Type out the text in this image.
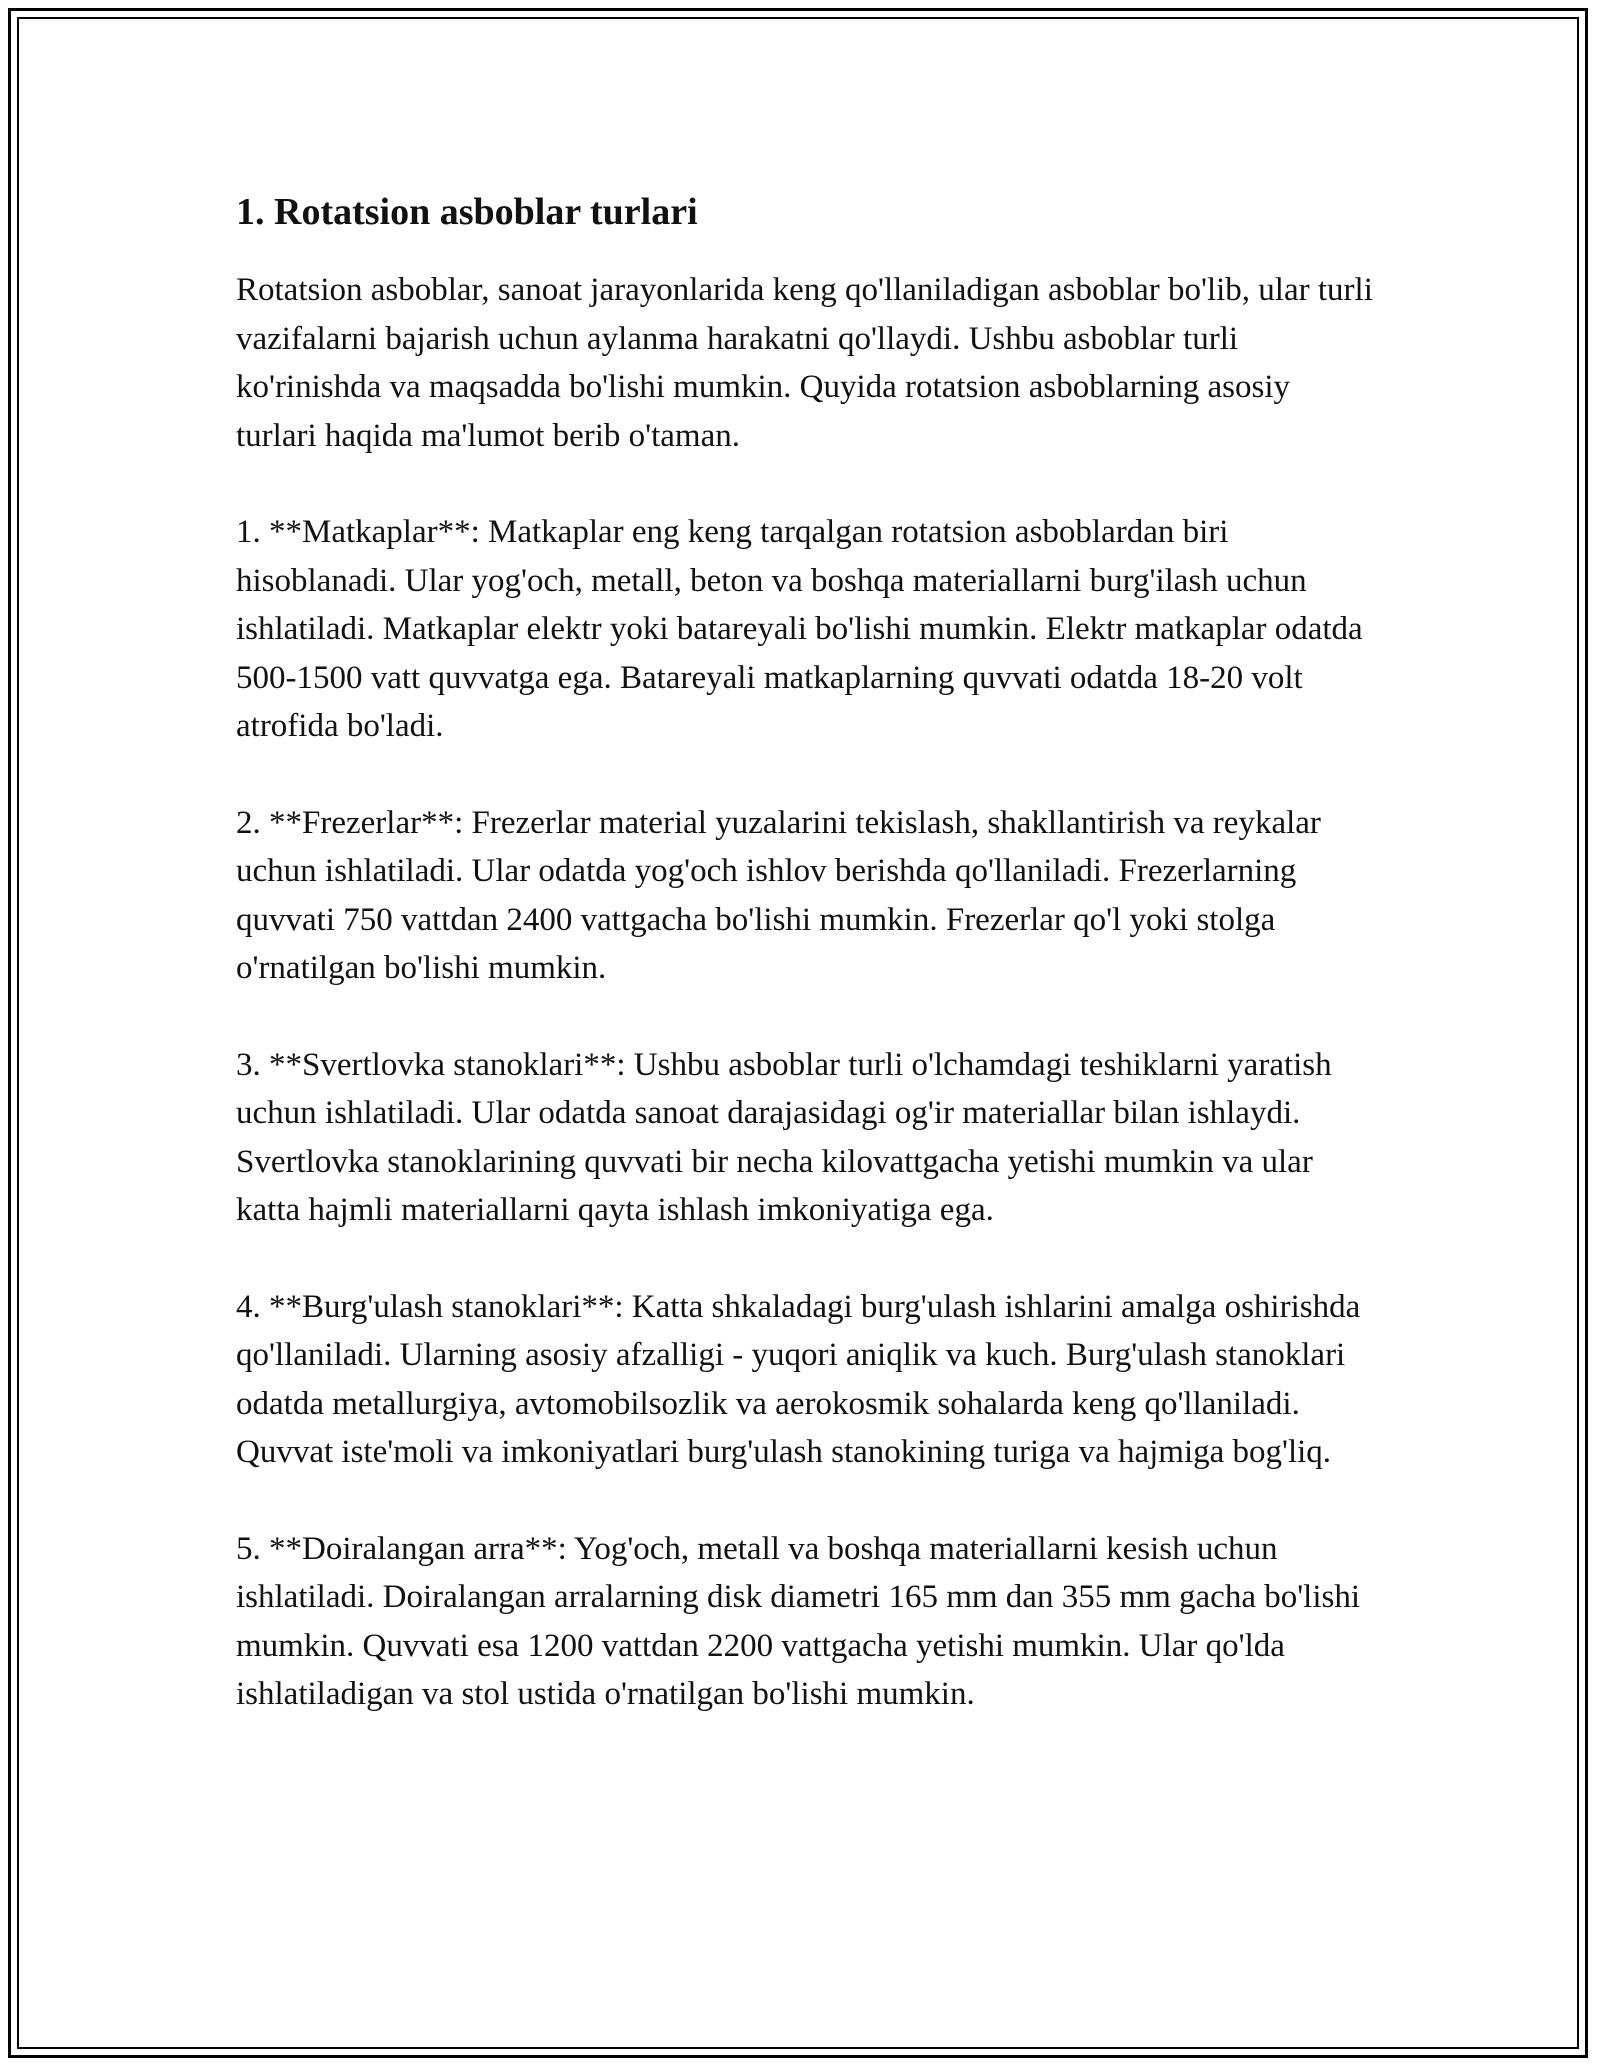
1. Rotatsion asboblar turlari

Rotatsion asboblar, sanoat jarayonlarida keng qo'llaniladigan asboblar bo'lib, ular turli vazifalarni bajarish uchun aylanma harakatni qo'llaydi. Ushbu asboblar turli ko'rinishda va maqsadda bo'lishi mumkin. Quyida rotatsion asboblarning asosiy turlari haqida ma'lumot berib o'taman.

1. **Matkaplar**: Matkaplar eng keng tarqalgan rotatsion asboblardan biri hisoblanadi. Ular yog'och, metall, beton va boshqa materiallarni burg'ilash uchun ishlatiladi. Matkaplar elektr yoki batareyali bo'lishi mumkin. Elektr matkaplar odatda 500-1500 vatt quvvatga ega. Batareyali matkaplarning quvvati odatda 18-20 volt atrofida bo'ladi.

2. **Frezerlar**: Frezerlar material yuzalarini tekislash, shakllantirish va reykalar uchun ishlatiladi. Ular odatda yog'och ishlov berishda qo'llaniladi. Frezerlarning quvvati 750 vattdan 2400 vattgacha bo'lishi mumkin. Frezerlar qo'l yoki stolga o'rnatilgan bo'lishi mumkin.

3. **Svertlovka stanoklari**: Ushbu asboblar turli o'lchamdagi teshiklarni yaratish uchun ishlatiladi. Ular odatda sanoat darajasidagi og'ir materiallar bilan ishlaydi. Svertlovka stanoklarining quvvati bir necha kilovattgacha yetishi mumkin va ular katta hajmli materiallarni qayta ishlash imkoniyatiga ega.

4. **Burg'ulash stanoklari**: Katta shkaladagi burg'ulash ishlarini amalga oshirishda qo'llaniladi. Ularning asosiy afzalligi - yuqori aniqlik va kuch. Burg'ulash stanoklari odatda metallurgiya, avtomobilsozlik va aerokosmik sohalarda keng qo'llaniladi. Quvvat iste'moli va imkoniyatlari burg'ulash stanokining turiga va hajmiga bog'liq.

5. **Doiralangan arra**: Yog'och, metall va boshqa materiallarni kesish uchun ishlatiladi. Doiralangan arralarning disk diametri 165 mm dan 355 mm gacha bo'lishi mumkin. Quvvati esa 1200 vattdan 2200 vattgacha yetishi mumkin. Ular qo'lda ishlatiladigan va stol ustida o'rnatilgan bo'lishi mumkin.
